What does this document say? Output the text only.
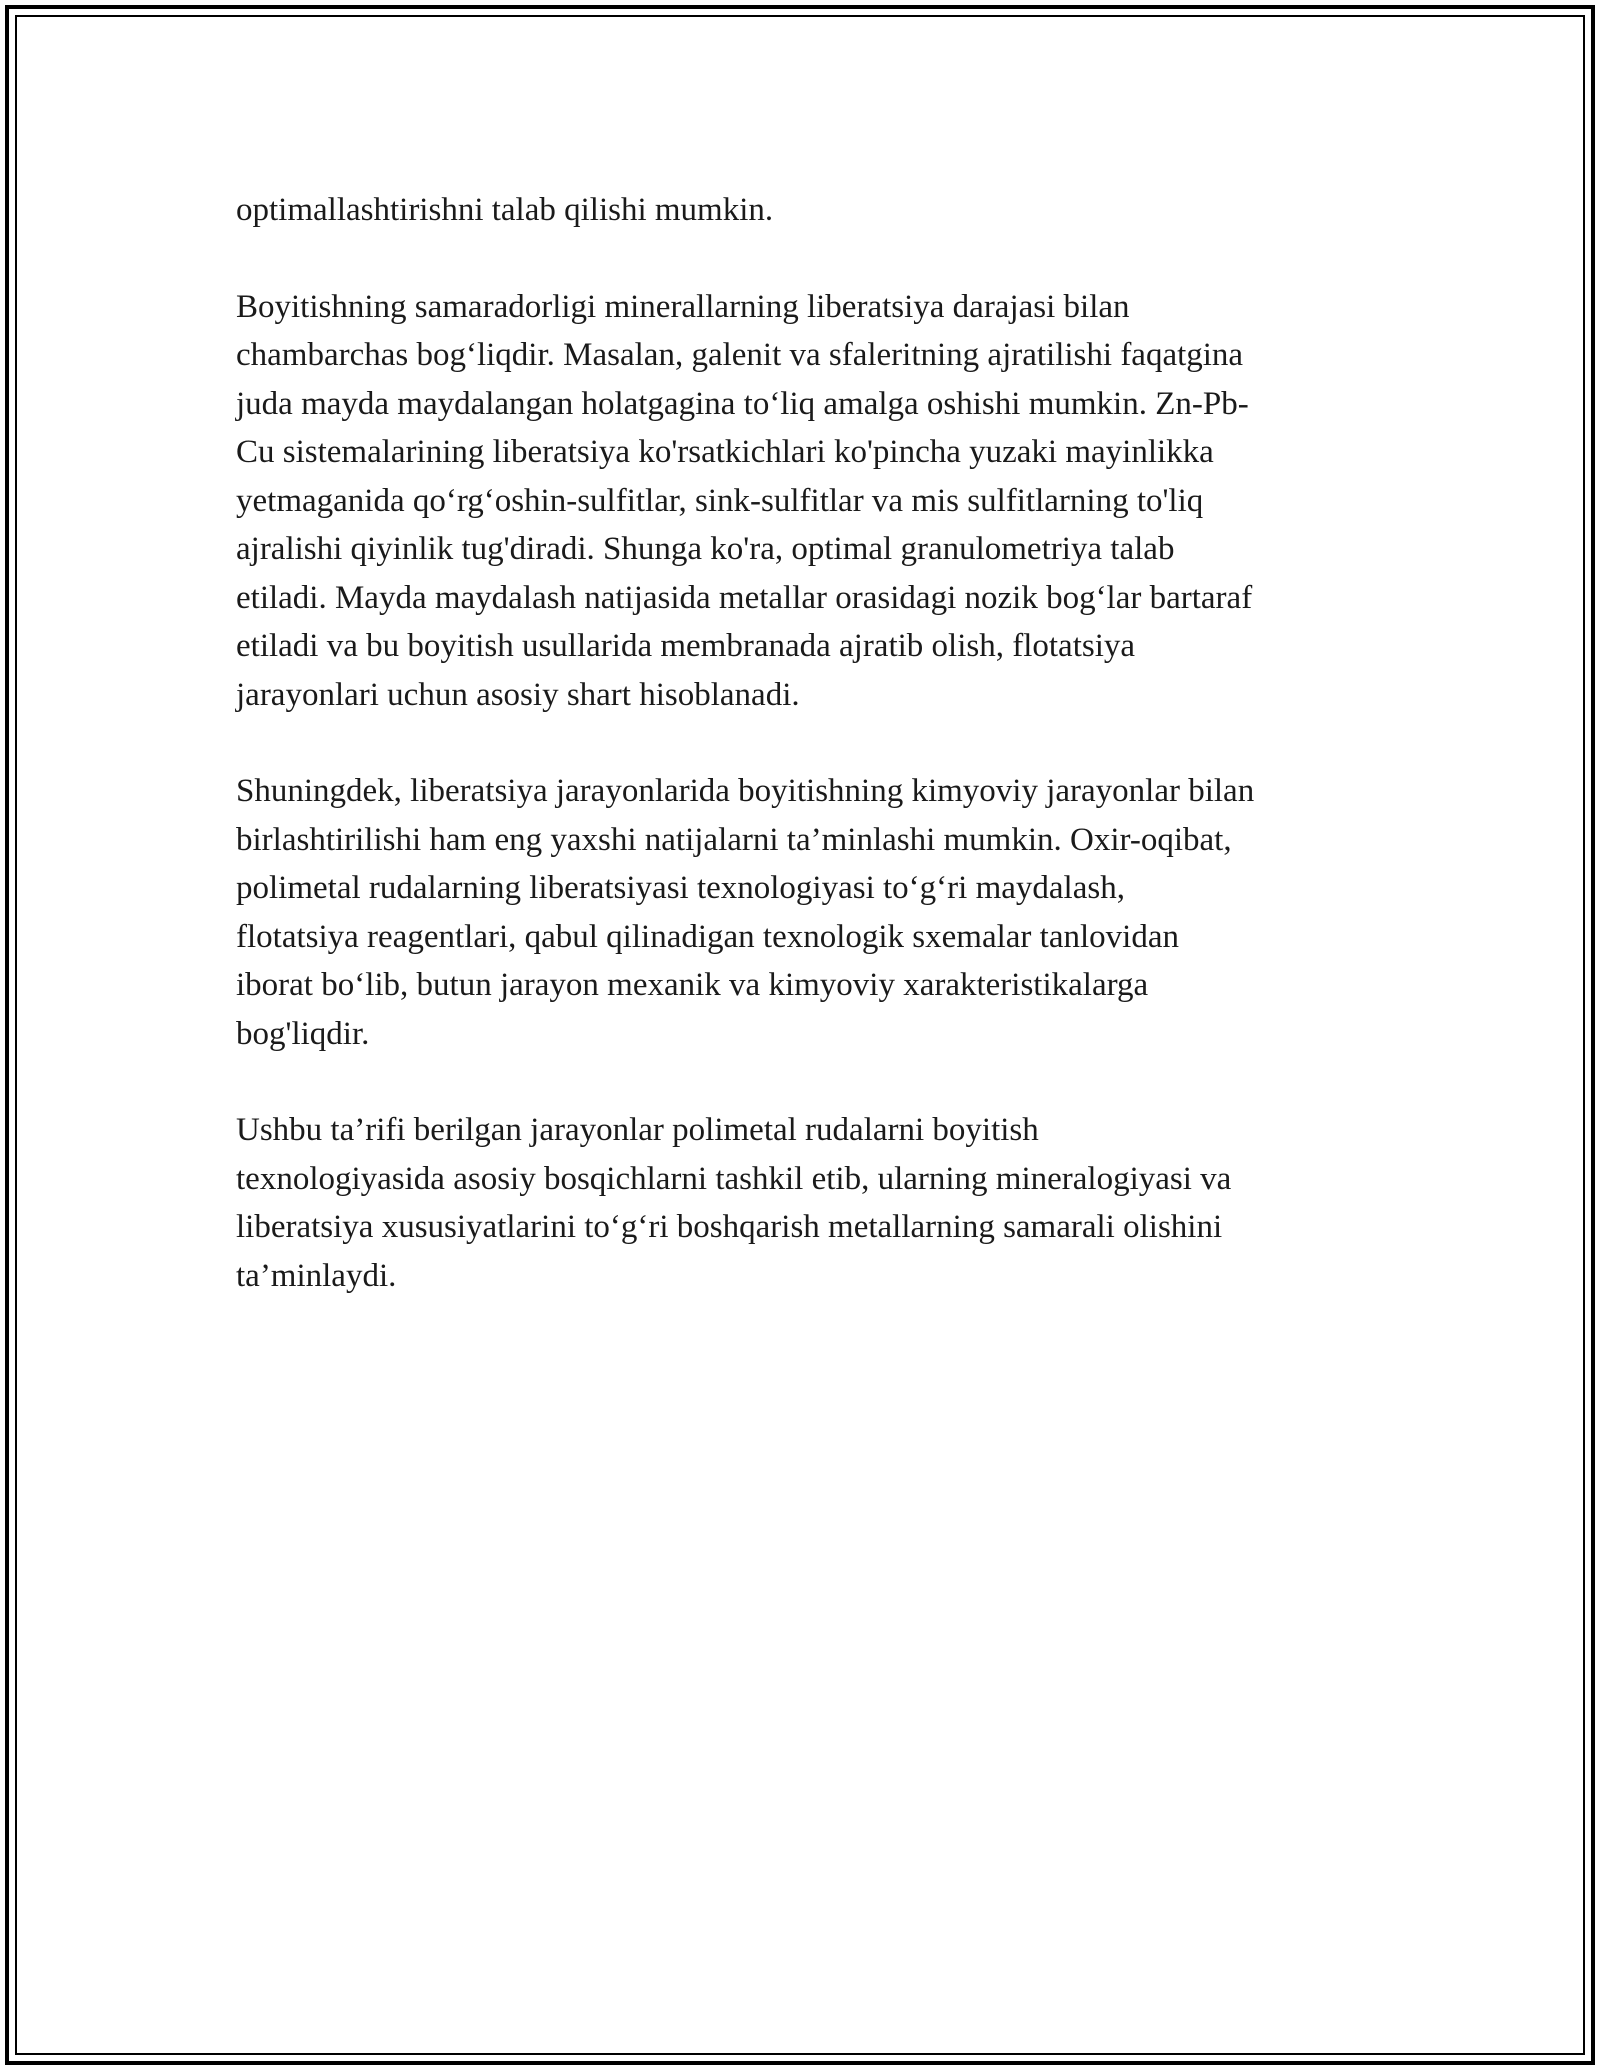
optimallashtirishni talab qilishi mumkin.

Boyitishning samaradorligi minerallarning liberatsiya darajasi bilan
chambarchas bog‘liqdir. Masalan, galenit va sfaleritning ajratilishi faqatgina
juda mayda maydalangan holatgagina to‘liq amalga oshishi mumkin. Zn-Pb-
Cu sistemalarining liberatsiya ko'rsatkichlari ko'pincha yuzaki mayinlikka
yetmaganida qo‘rg‘oshin-sulfitlar, sink-sulfitlar va mis sulfitlarning to'liq
ajralishi qiyinlik tug'diradi. Shunga ko'ra, optimal granulometriya talab
etiladi. Mayda maydalash natijasida metallar orasidagi nozik bog‘lar bartaraf
etiladi va bu boyitish usullarida membranada ajratib olish, flotatsiya
jarayonlari uchun asosiy shart hisoblanadi.

Shuningdek, liberatsiya jarayonlarida boyitishning kimyoviy jarayonlar bilan
birlashtirilishi ham eng yaxshi natijalarni ta’minlashi mumkin. Oxir-oqibat,
polimetal rudalarning liberatsiyasi texnologiyasi to‘g‘ri maydalash,
flotatsiya reagentlari, qabul qilinadigan texnologik sxemalar tanlovidan
iborat bo‘lib, butun jarayon mexanik va kimyoviy xarakteristikalarga
bog'liqdir.

Ushbu ta’rifi berilgan jarayonlar polimetal rudalarni boyitish
texnologiyasida asosiy bosqichlarni tashkil etib, ularning mineralogiyasi va
liberatsiya xususiyatlarini to‘g‘ri boshqarish metallarning samarali olishini
ta’minlaydi.
